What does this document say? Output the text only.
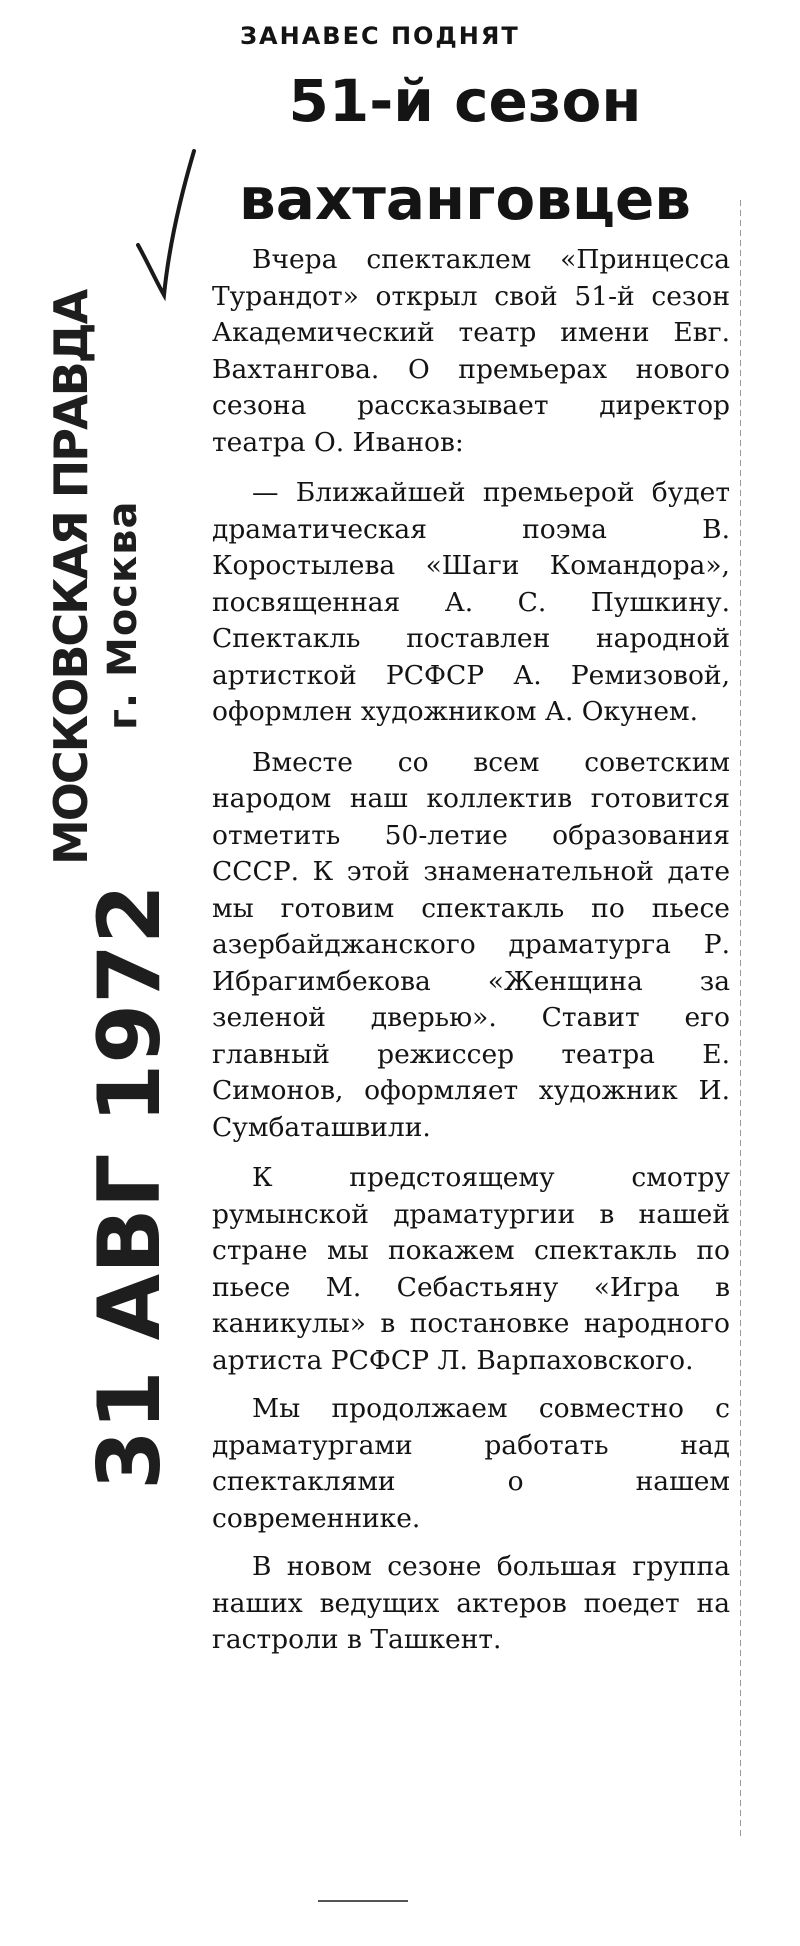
МОСКОВСКАЯ ПРАВДА г. Москва
31 АВГ 1972
ЗАНАВЕС ПОДНЯТ
51-й сезон
вахтанговцев

Вчера спектаклем «Принцесса Турандот» открыл свой 51-й сезон Академический театр имени Евг. Вахтангова. О премьерах нового сезона рассказывает директор театра О. Иванов:

— Ближайшей премьерой будет драматическая поэма В. Коростылева «Шаги Командора», посвященная А. С. Пушкину. Спектакль поставлен народной артисткой РСФСР А. Ремизовой, оформлен художником А. Окунем.

Вместе со всем советским народом наш коллектив готовится отметить 50-летие образования СССР. К этой знаменательной дате мы готовим спектакль по пьесе азербайджанского драматурга Р. Ибрагимбекова «Женщина за зеленой дверью». Ставит его главный режиссер театра Е. Симонов, оформляет художник И. Сумбаташвили.

К предстоящему смотру румынской драматургии в нашей стране мы покажем спектакль по пьесе М. Себастьяну «Игра в каникулы» в постановке народного артиста РСФСР Л. Варпаховского.

Мы продолжаем совместно с драматургами работать над спектаклями о нашем современнике.

В новом сезоне большая группа наших ведущих актеров поедет на гастроли в Ташкент.
